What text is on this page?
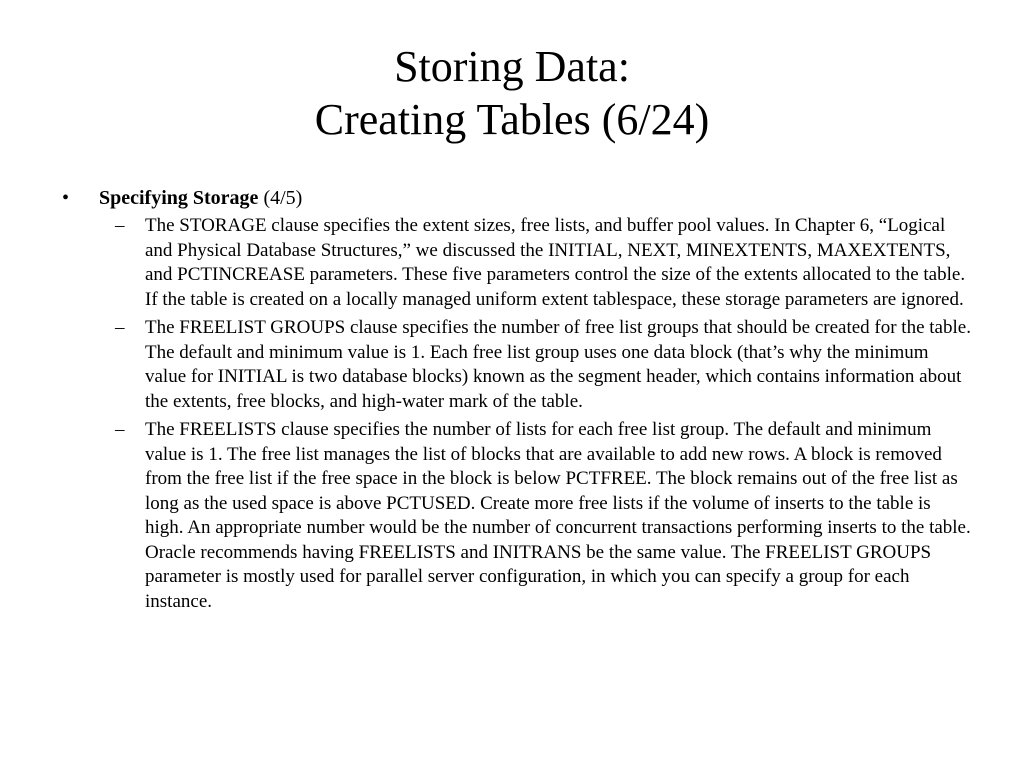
Storing Data:
Creating Tables (6/24)
• Specifying Storage (4/5)
– The STORAGE clause specifies the extent sizes, free lists, and buffer pool values. In Chapter 6, “Logical and Physical Database Structures,” we discussed the INITIAL, NEXT, MINEXTENTS, MAXEXTENTS, and PCTINCREASE parameters. These five parameters control the size of the extents allocated to the table. If the table is created on a locally managed uniform extent tablespace, these storage parameters are ignored.
– The FREELIST GROUPS clause specifies the number of free list groups that should be created for the table. The default and minimum value is 1. Each free list group uses one data block (that’s why the minimum value for INITIAL is two database blocks) known as the segment header, which contains information about the extents, free blocks, and high-water mark of the table.
– The FREELISTS clause specifies the number of lists for each free list group. The default and minimum value is 1. The free list manages the list of blocks that are available to add new rows. A block is removed from the free list if the free space in the block is below PCTFREE. The block remains out of the free list as long as the used space is above PCTUSED. Create more free lists if the volume of inserts to the table is high. An appropriate number would be the number of concurrent transactions performing inserts to the table. Oracle recommends having FREELISTS and INITRANS be the same value. The FREELIST GROUPS parameter is mostly used for parallel server configuration, in which you can specify a group for each instance.
